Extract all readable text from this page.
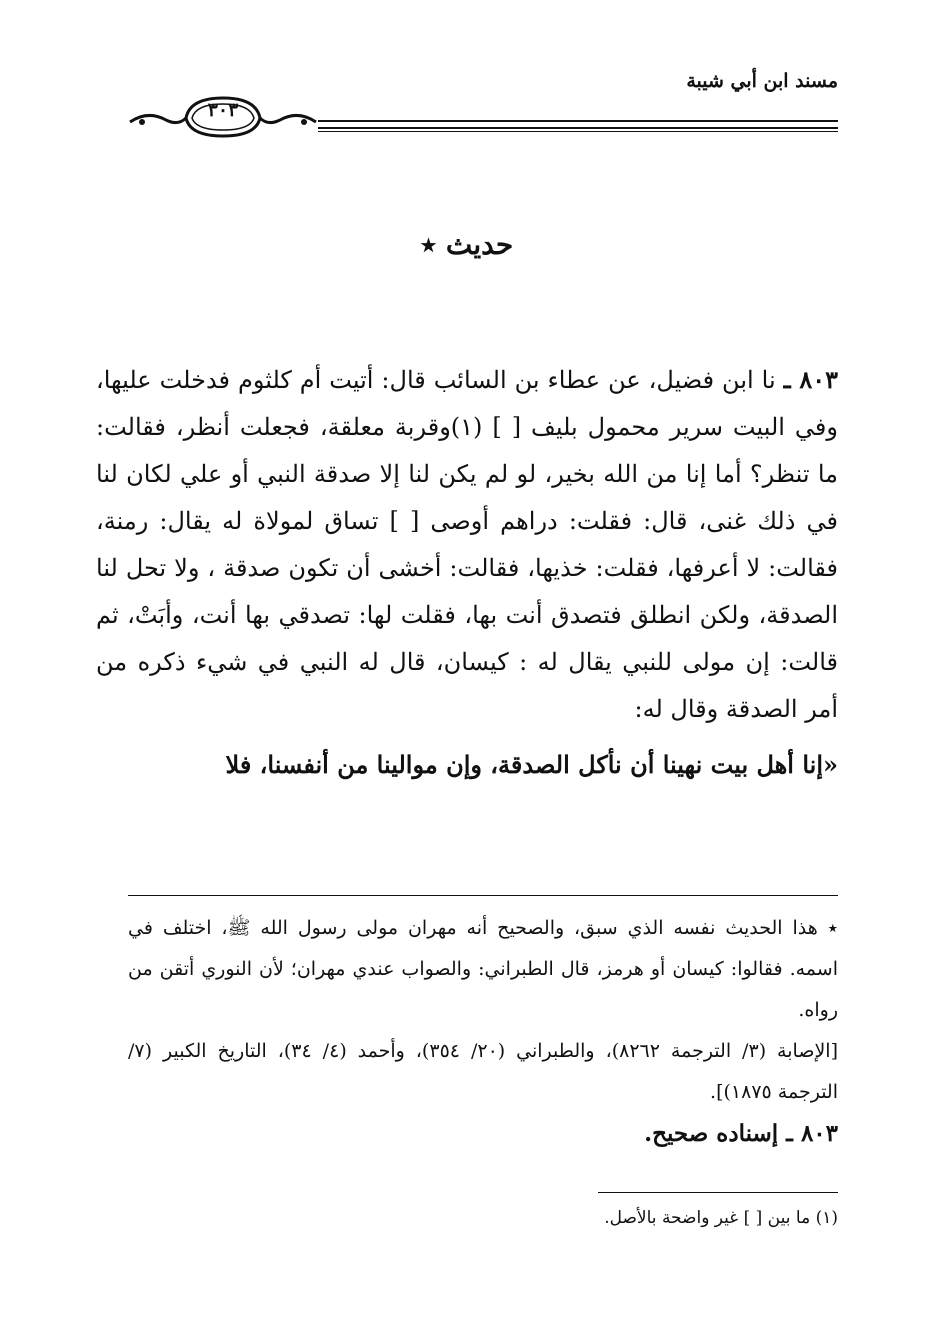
مسند ابن أبي شيبة
٣٠٣
حديث ٭

٨٠٣ ـ نا ابن فضيل، عن عطاء بن السائب قال: أتيت أم كلثوم فدخلت عليها، وفي البيت سرير محمول بليف [ ] (١)وقربة معلقة، فجعلت أنظر، فقالت: ما تنظر؟ أما إنا من الله بخير، لو لم يكن لنا إلا صدقة النبي أو علي لكان لنا في ذلك غنى، قال: فقلت: دراهم أوصى [ ] تساق لمولاة له يقال: رمنة، فقالت: لا أعرفها، فقلت: خذيها، فقالت: أخشى أن تكون صدقة ، ولا تحل لنا الصدقة، ولكن انطلق فتصدق أنت بها، فقلت لها: تصدقي بها أنت، وأبَتْ، ثم قالت: إن مولى للنبي يقال له : كيسان، قال له النبي في شيء ذكره من أمر الصدقة وقال له:

«إنا أهل بيت نهينا أن نأكل الصدقة، وإن موالينا من أنفسنا، فلا

٭ هذا الحديث نفسه الذي سبق، والصحيح أنه مهران مولى رسول الله ﷺ، اختلف في اسمه. فقالوا: كيسان أو هرمز، قال الطبراني: والصواب عندي مهران؛ لأن النوري أتقن من رواه.

[الإصابة (٣/ الترجمة ٨٢٦٢)، والطبراني (٢٠/ ٣٥٤)، وأحمد (٤/ ٣٤)، التاريخ الكبير (٧/ الترجمة ١٨٧٥)].

٨٠٣ ـ إسناده صحيح.

(١) ما بين [ ] غير واضحة بالأصل.
